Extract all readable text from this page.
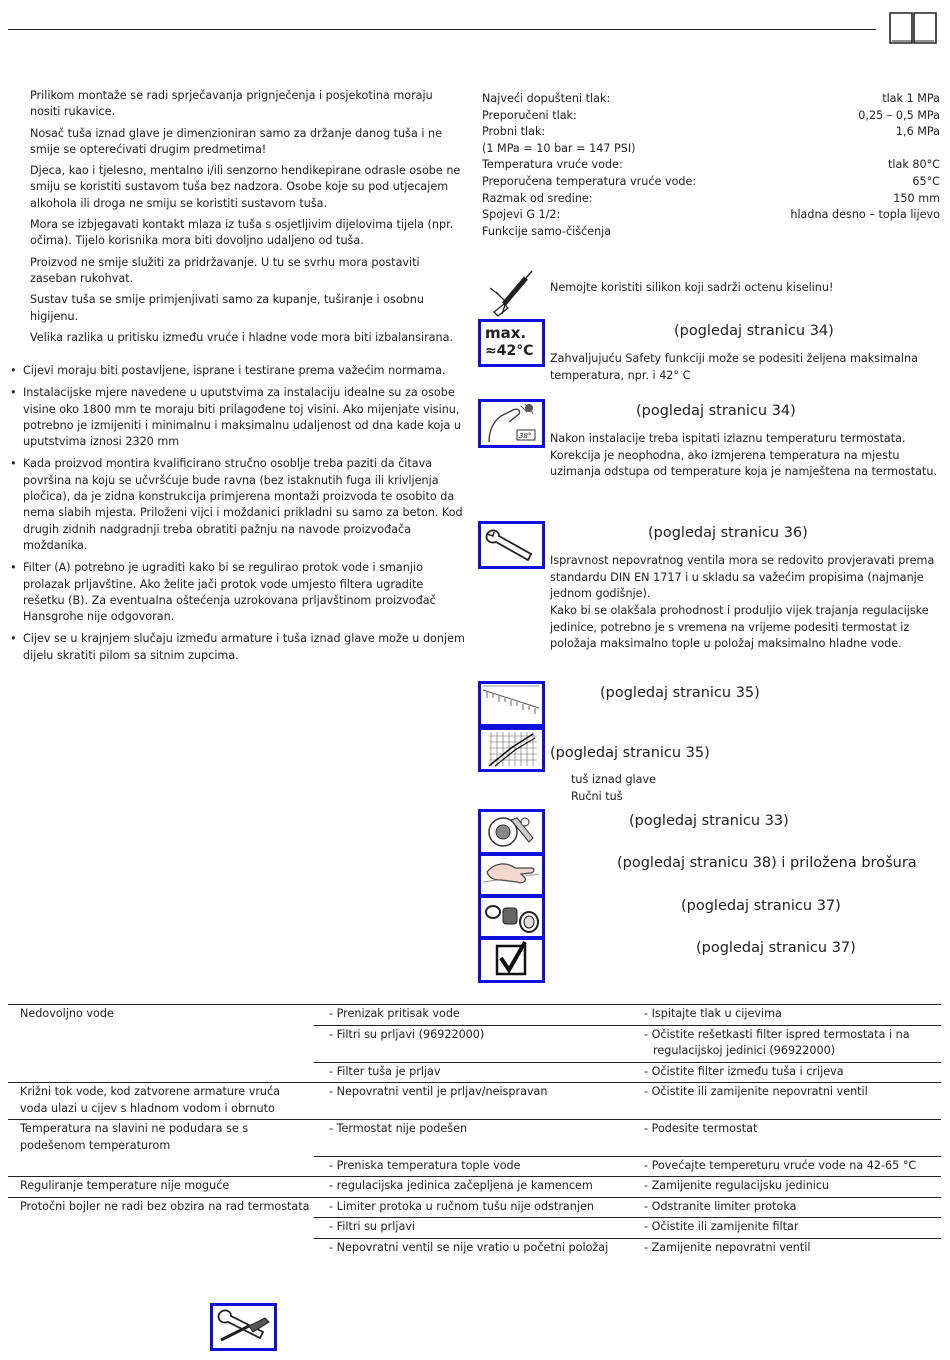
Prilikom montaže se radi sprječavanja prignječenja i posjekotina moraju nositi rukavice.

Nosač tuša iznad glave je dimenzioniran samo za držanje danog tuša i ne smije se opterećivati drugim predmetima!

Djeca, kao i tjelesno, mentalno i/ili senzorno hendikepirane odrasle osobe ne smiju se koristiti sustavom tuša bez nadzora. Osobe koje su pod utjecajem alkohola ili droga ne smiju se koristiti sustavom tuša.

Mora se izbjegavati kontakt mlaza iz tuša s osjetljivim dijelovima tijela (npr. očima). Tijelo korisnika mora biti dovoljno udaljeno od tuša.

Proizvod ne smije služiti za pridržavanje. U tu se svrhu mora postaviti zaseban rukohvat.

Sustav tuša se smije primjenjivati samo za kupanje, tuširanje i osobnu higijenu.

Velika razlika u pritisku između vruće i hladne vode mora biti izbalansirana.

• Cijevi moraju biti postavljene, isprane i testirane prema važećim normama.
• Instalacijske mjere navedene u uputstvima za instalaciju idealne su za osobe visine oko 1800 mm te moraju biti prilagođene toj visini. Ako mijenjate visinu, potrebno je izmijeniti i minimalnu i maksimalnu udaljenost od dna kade koja u uputstvima iznosi 2320 mm
• Kada proizvod montira kvalificirano stručno osoblje treba paziti da čitava površina na koju se učvršćuje bude ravna (bez istaknutih fuga ili krivljenja pločica), da je zidna konstrukcija primjerena montaži proizvoda te osobito da nema slabih mjesta. Priloženi vijci i moždanici prikladni su samo za beton. Kod drugih zidnih nadgradnji treba obratiti pažnju na navode proizvođača moždanika.
• Filter (A) potrebno je ugraditi kako bi se regulirao protok vode i smanjio prolazak prljavštine. Ako želite jači protok vode umjesto filtera ugradite rešetku (B). Za eventualna oštećenja uzrokovana prljavštinom proizvođač Hansgrohe nije odgovoran.
• Cijev se u krajnjem slučaju između armature i tuša iznad glave može u donjem dijelu skratiti pilom sa sitnim zupcima.
Najveći dopušteni tlak:	tlak 1 MPa
Preporučeni tlak:	0,25 – 0,5 MPa
Probni tlak:	1,6 MPa
(1 MPa = 10 bar = 147 PSI)
Temperatura vruće vode:	tlak 80°C
Preporučena temperatura vruće vode:	65°C
Razmak od sredine:	150 mm
Spojevi G 1/2:	hladna desno – topla lijevo
Funkcije samo-čišćenja
Nemojte koristiti silikon koji sadrži octenu kiselinu!
max.
≈42°C
(pogledaj stranicu 34)
Zahvaljujuću Safety funkciji može se podesiti željena maksimalna temperatura, npr. i 42° C
38°
(pogledaj stranicu 34)
Nakon instalacije treba ispitati izlaznu temperaturu termostata. Korekcija je neophodna, ako izmjerena temperatura na mjestu uzimanja odstupa od temperature koja je namještena na termostatu.
(pogledaj stranicu 36)
Ispravnost nepovratnog ventila mora se redovito provjeravati prema standardu DIN EN 1717 i u skladu sa važećim propisima (najmanje jednom godišnje).
Kako bi se olakšala prohodnost i produljio vijek trajanja regulacijske jedinice, potrebno je s vremena na vrijeme podesiti termostat iz položaja maksimalno tople u položaj maksimalno hladne vode.
(pogledaj stranicu 35)
(pogledaj stranicu 35)
tuš iznad glave
Ručni tuš
(pogledaj stranicu 33)
(pogledaj stranicu 38) i priložena brošura
(pogledaj stranicu 37)
(pogledaj stranicu 37)
Nedovoljno vode	- Prenizak pritisak vode	- Ispitajte tlak u cijevima

	- Filtri su prljavi (96922000)	- Očistite rešetkasti filter ispred termostata i na regulacijskoj jedinici (96922000)

	- Filter tuša je prljav	- Očistite filter između tuša i crijeva

Križni tok vode, kod zatvorene armature vruća voda ulazi u cijev s hladnom vodom i obrnuto	- Nepovratni ventil je prljav/neispravan	- Očistite ili zamijenite nepovratni ventil

Temperatura na slavini ne podudara se s podešenom temperaturom	- Termostat nije podešen	- Podesite termostat

	- Preniska temperatura tople vode	- Povećajte tempereturu vruće vode na 42-65 °C

Reguliranje temperature nije moguće	- regulacijska jedinica začepljena je kamencem	- Zamijenite regulacijsku jedinicu

Protočni bojler ne radi bez obzira na rad termostata	- Limiter protoka u ručnom tušu nije odstranjen	- Odstranite limiter protoka

	- Filtri su prljavi	- Očistite ili zamijenite filtar

	- Nepovratni ventil se nije vratio u početni položaj	- Zamijenite nepovratni ventil
